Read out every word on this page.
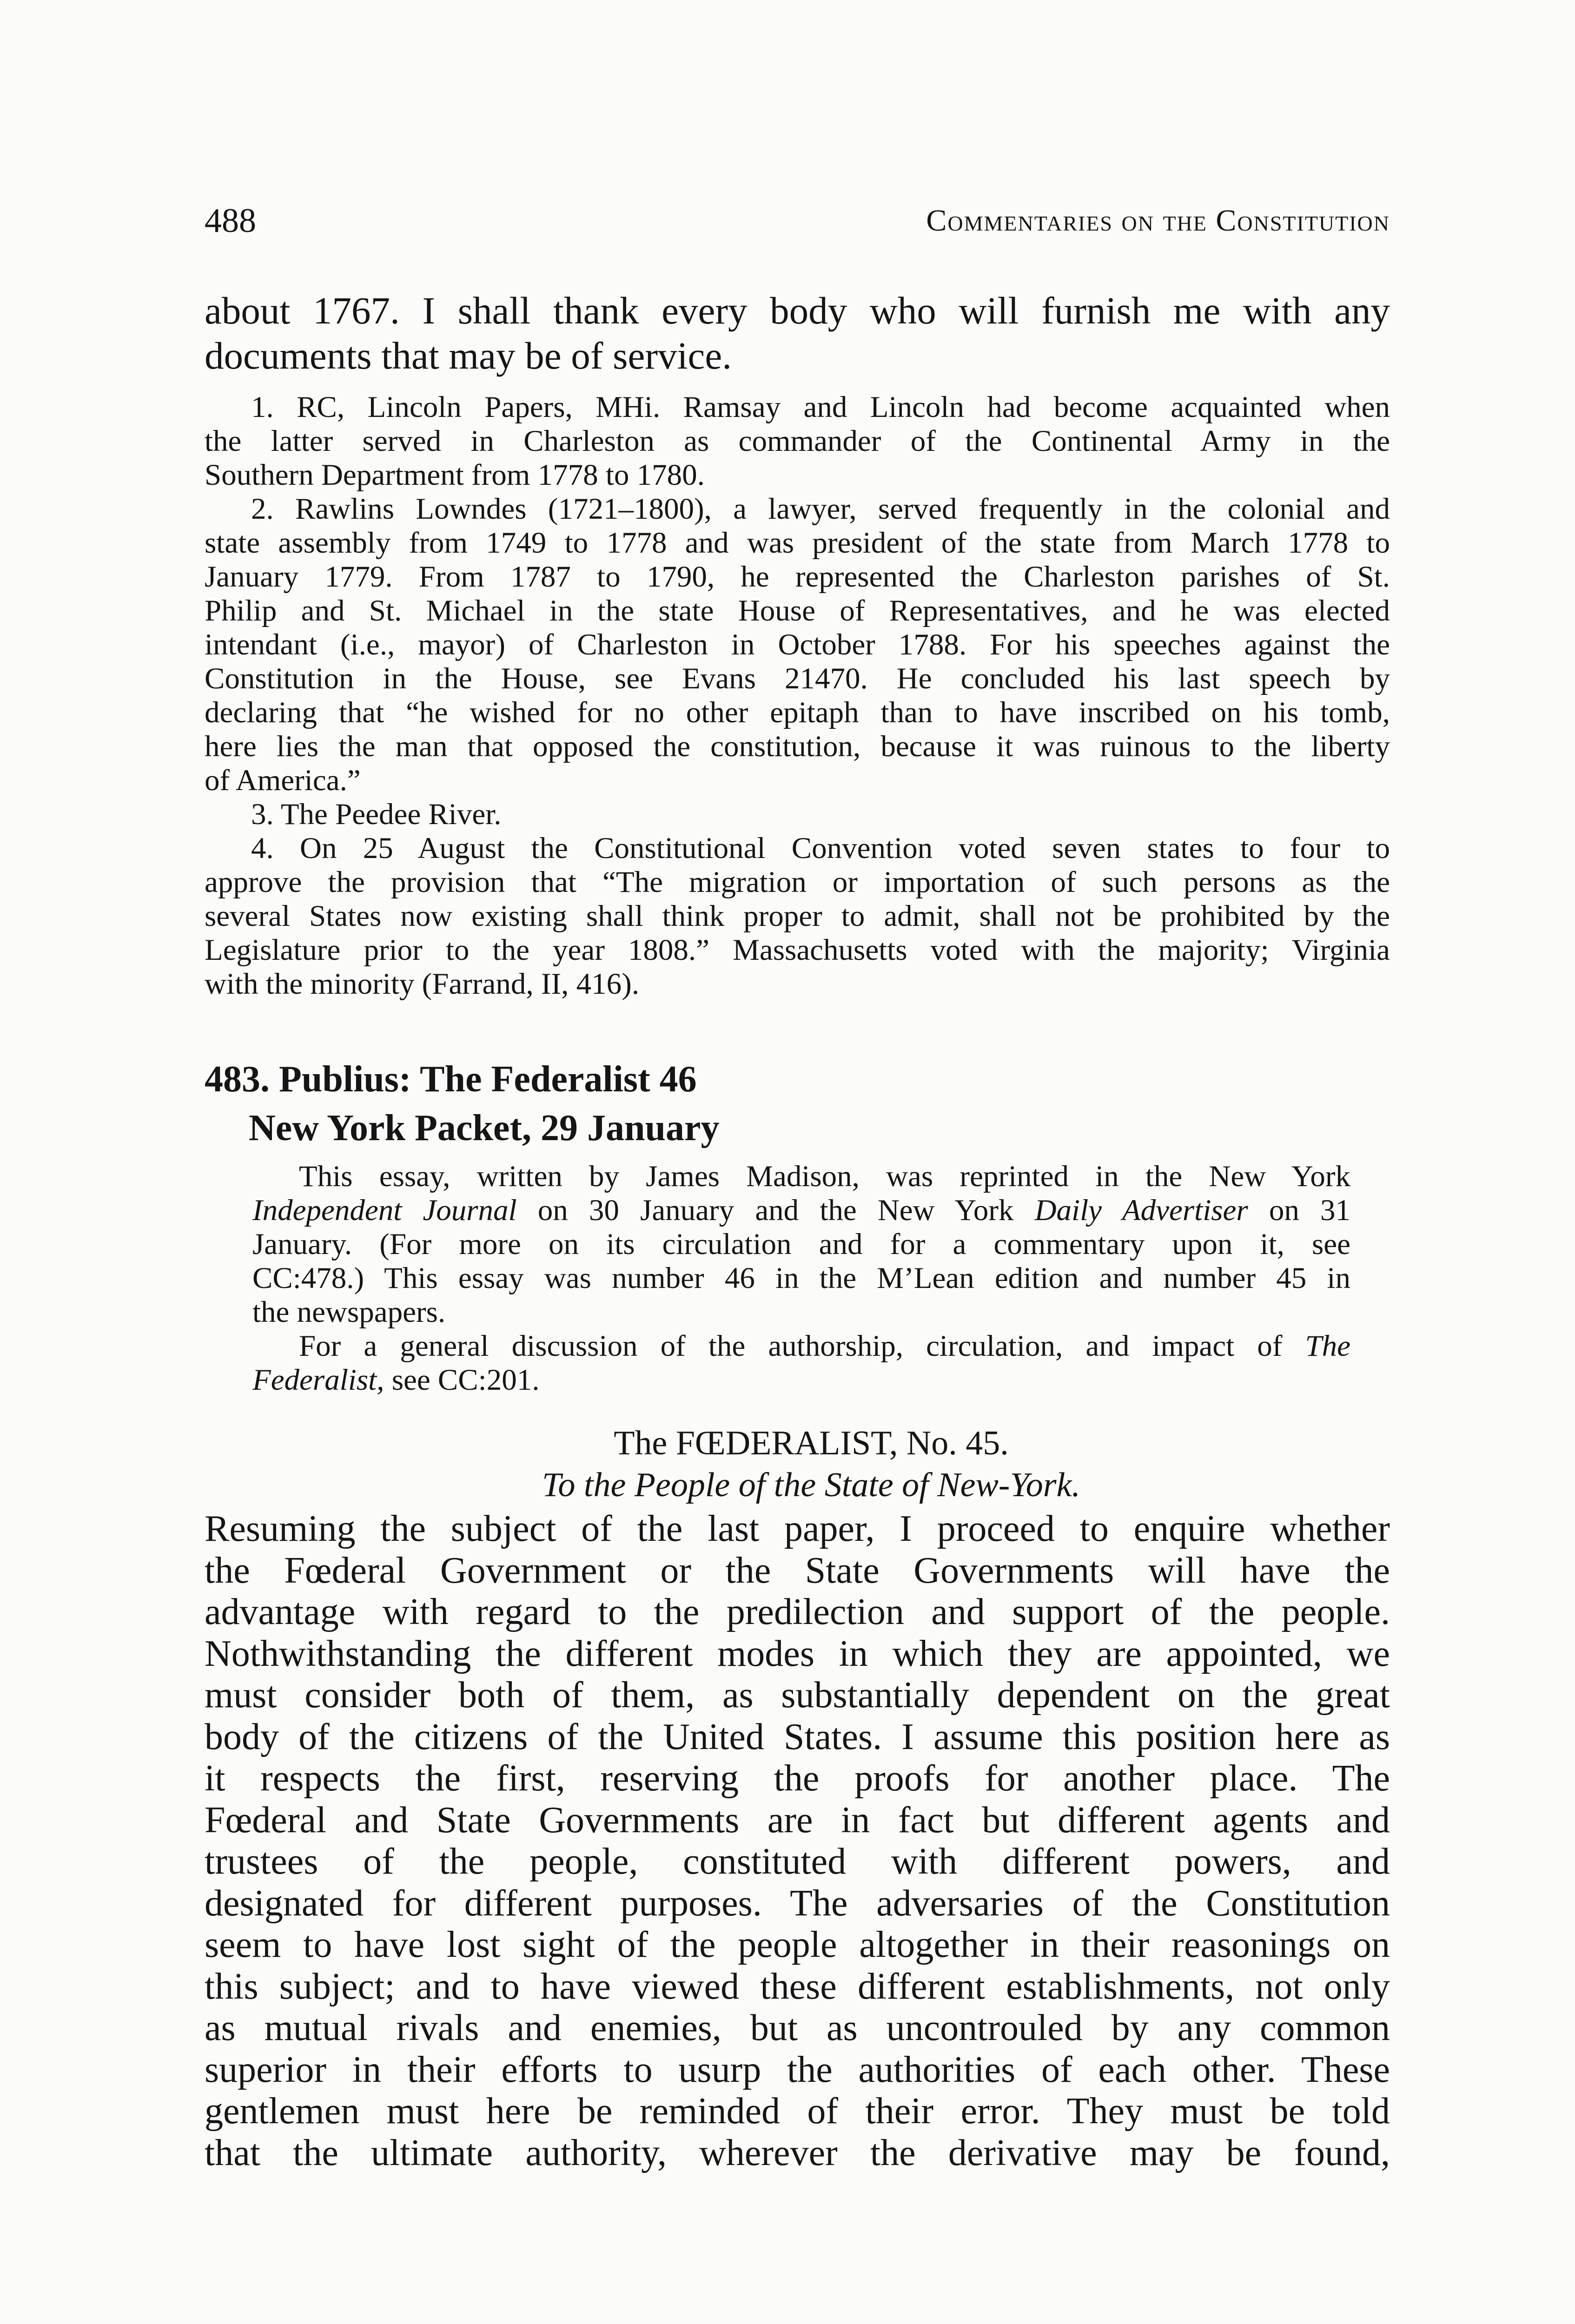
488	Commentaries on the Constitution
about 1767. I shall thank every body who will furnish me with any
documents that may be of service.
1. RC, Lincoln Papers, MHi. Ramsay and Lincoln had become acquainted when
the latter served in Charleston as commander of the Continental Army in the
Southern Department from 1778 to 1780.
2. Rawlins Lowndes (1721–1800), a lawyer, served frequently in the colonial and
state assembly from 1749 to 1778 and was president of the state from March 1778 to
January 1779. From 1787 to 1790, he represented the Charleston parishes of St.
Philip and St. Michael in the state House of Representatives, and he was elected
intendant (i.e., mayor) of Charleston in October 1788. For his speeches against the
Constitution in the House, see Evans 21470. He concluded his last speech by
declaring that “he wished for no other epitaph than to have inscribed on his tomb,
here lies the man that opposed the constitution, because it was ruinous to the liberty
of America.”
3. The Peedee River.
4. On 25 August the Constitutional Convention voted seven states to four to
approve the provision that “The migration or importation of such persons as the
several States now existing shall think proper to admit, shall not be prohibited by the
Legislature prior to the year 1808.” Massachusetts voted with the majority; Virginia
with the minority (Farrand, II, 416).
483. Publius: The Federalist 46
New York Packet, 29 January
This essay, written by James Madison, was reprinted in the New York
Independent Journal on 30 January and the New York Daily Advertiser on 31
January. (For more on its circulation and for a commentary upon it, see
CC:478.) This essay was number 46 in the M’Lean edition and number 45 in
the newspapers.
For a general discussion of the authorship, circulation, and impact of The
Federalist, see CC:201.
The FŒDERALIST, No. 45.
To the People of the State of New-York.
Resuming the subject of the last paper, I proceed to enquire whether
the Fœderal Government or the State Governments will have the
advantage with regard to the predilection and support of the people.
Nothwithstanding the different modes in which they are appointed, we
must consider both of them, as substantially dependent on the great
body of the citizens of the United States. I assume this position here as
it respects the first, reserving the proofs for another place. The
Fœderal and State Governments are in fact but different agents and
trustees of the people, constituted with different powers, and
designated for different purposes. The adversaries of the Constitution
seem to have lost sight of the people altogether in their reasonings on
this subject; and to have viewed these different establishments, not only
as mutual rivals and enemies, but as uncontrouled by any common
superior in their efforts to usurp the authorities of each other. These
gentlemen must here be reminded of their error. They must be told
that the ultimate authority, wherever the derivative may be found,
